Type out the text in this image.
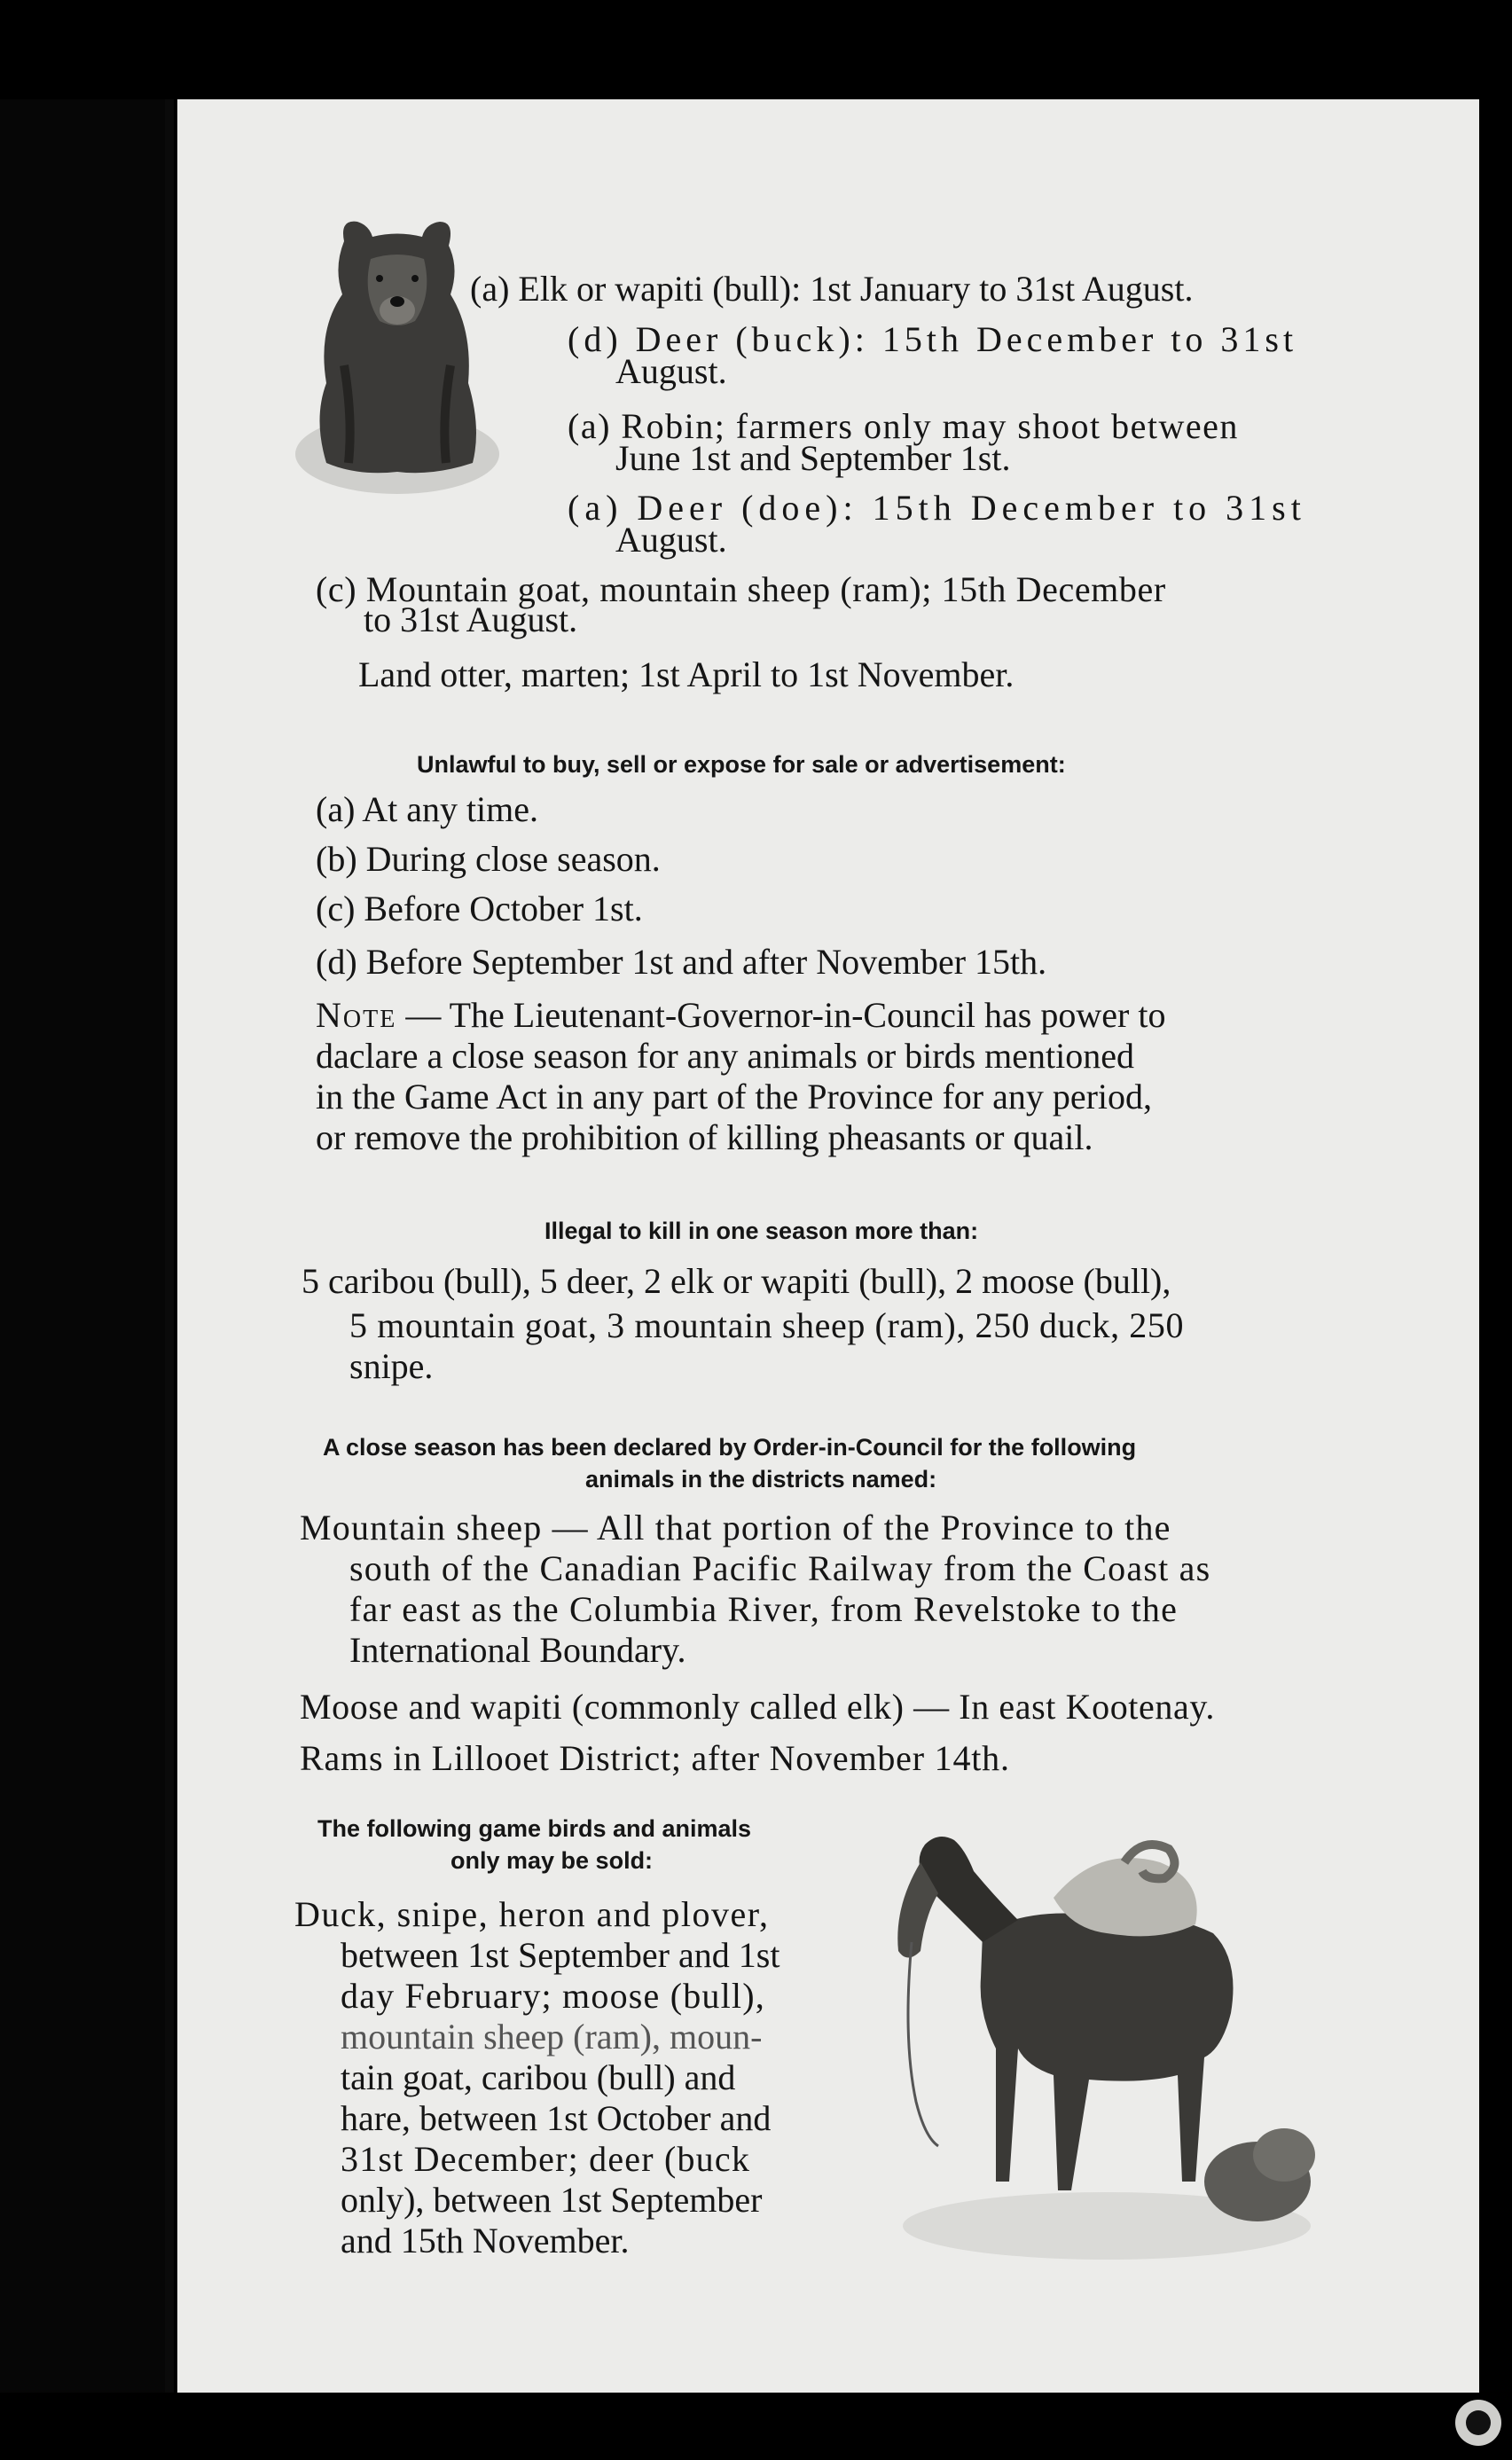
(a) Elk or wapiti (bull): 1st January to 31st August.
(d) Deer (buck): 15th December to 31st
August.
(a) Robin; farmers only may shoot between
June 1st and September 1st.
(a) Deer (doe): 15th December to 31st
August.
(c) Mountain goat, mountain sheep (ram); 15th December
to 31st August.
Land otter, marten; 1st April to 1st November.
Unlawful to buy, sell or expose for sale or advertisement:
(a) At any time.
(b) During close season.
(c) Before October 1st.
(d) Before September 1st and after November 15th.
Note — The Lieutenant-Governor-in-Council has power to
daclare a close season for any animals or birds mentioned
in the Game Act in any part of the Province for any period,
or remove the prohibition of killing pheasants or quail.
Illegal to kill in one season more than:
5 caribou (bull), 5 deer, 2 elk or wapiti (bull), 2 moose (bull),
5 mountain goat, 3 mountain sheep (ram), 250 duck, 250
snipe.
A close season has been declared by Order-in-Council for the following
animals in the districts named:
Mountain sheep — All that portion of the Province to the
south of the Canadian Pacific Railway from the Coast as
far east as the Columbia River, from Revelstoke to the
International Boundary.
Moose and wapiti (commonly called elk) — In east Kootenay.
Rams in Lillooet District; after November 14th.
The following game birds and animals
only may be sold:
Duck, snipe, heron and plover,
between 1st September and 1st
day February; moose (bull),
mountain sheep (ram), moun-
tain goat, caribou (bull) and
hare, between 1st October and
31st December; deer (buck
only), between 1st September
and 15th November.
